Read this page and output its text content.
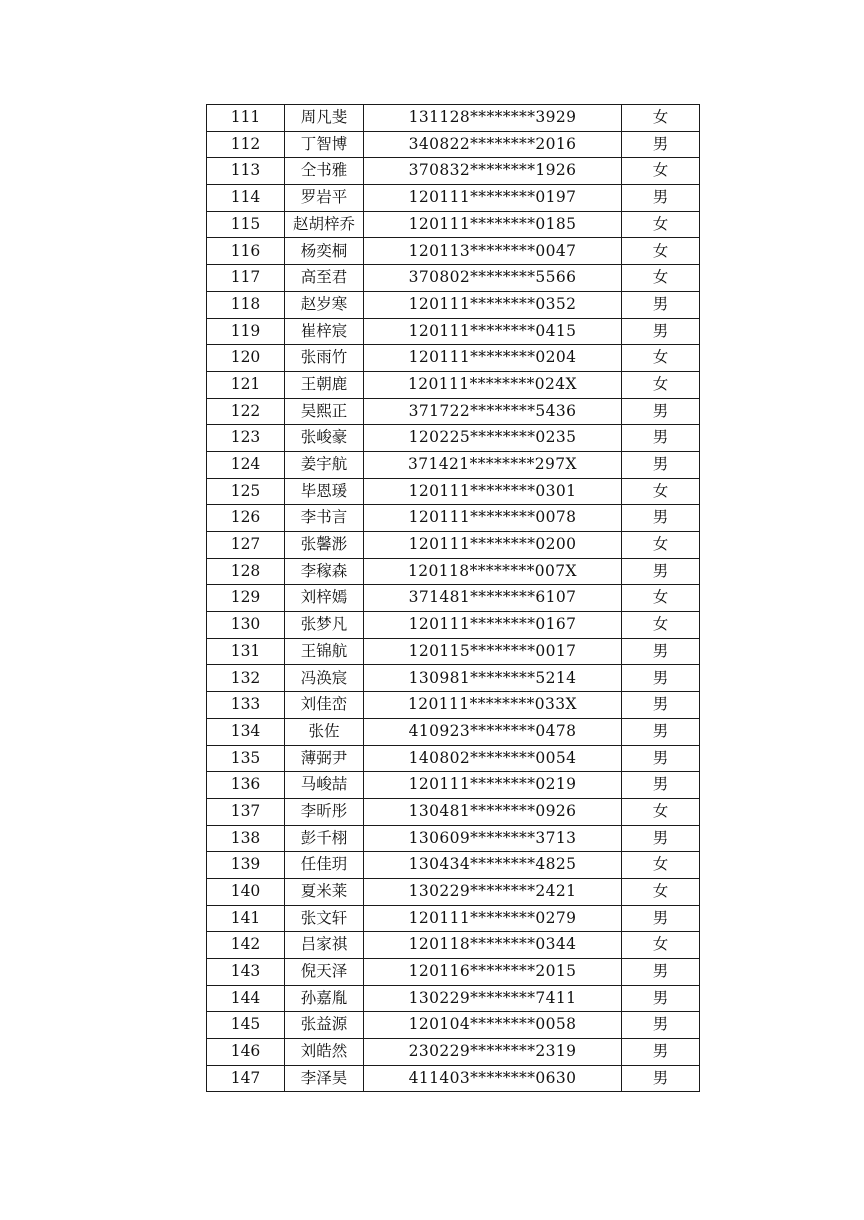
111	周凡斐	131128********3929	女
112	丁智博	340822********2016	男
113	仝书雅	370832********1926	女
114	罗岩平	120111********0197	男
115	赵胡梓乔	120111********0185	女
116	杨奕桐	120113********0047	女
117	高至君	370802********5566	女
118	赵岁寒	120111********0352	男
119	崔梓宸	120111********0415	男
120	张雨竹	120111********0204	女
121	王朝鹿	120111********024X	女
122	吴熙正	371722********5436	男
123	张峻豪	120225********0235	男
124	姜宇航	371421********297X	男
125	毕恩瑗	120111********0301	女
126	李书言	120111********0078	男
127	张馨浵	120111********0200	女
128	李稼森	120118********007X	男
129	刘梓嫣	371481********6107	女
130	张梦凡	120111********0167	女
131	王锦航	120115********0017	男
132	冯涣宸	130981********5214	男
133	刘佳峦	120111********033X	男
134	张佐	410923********0478	男
135	薄弼尹	140802********0054	男
136	马峻喆	120111********0219	男
137	李昕彤	130481********0926	女
138	彭千栩	130609********3713	男
139	任佳玥	130434********4825	女
140	夏米莱	130229********2421	女
141	张文轩	120111********0279	男
142	吕家祺	120118********0344	女
143	倪天泽	120116********2015	男
144	孙嘉胤	130229********7411	男
145	张益源	120104********0058	男
146	刘皓然	230229********2319	男
147	李泽昊	411403********0630	男
